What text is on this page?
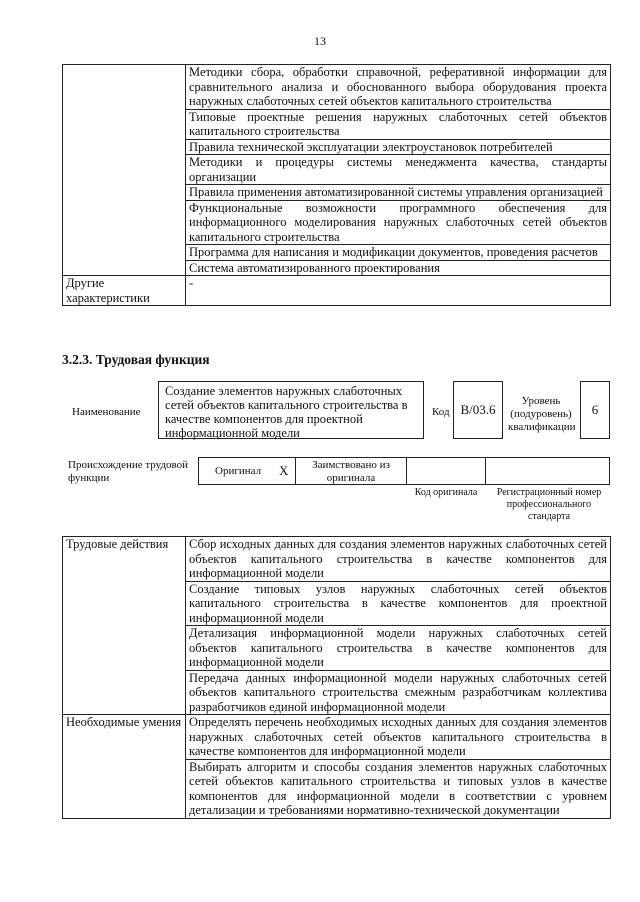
13
	Методики сбора, обработки справочной, реферативной информации для сравнительного анализа и обоснованного выбора оборудования проекта наружных слаботочных сетей объектов капитального строительства
	Типовые проектные решения наружных слаботочных сетей объектов капитального строительства
	Правила технической эксплуатации электроустановок потребителей
	Методики и процедуры системы менеджмента качества, стандарты организации
	Правила применения автоматизированной системы управления организацией
	Функциональные возможности программного обеспечения для информационного моделирования наружных слаботочных сетей объектов капитального строительства
	Программа для написания и модификации документов, проведения расчетов
	Система автоматизированного проектирования
Другие характеристики	-
3.2.3. Трудовая функция
Наименование
Создание элементов наружных слаботочных сетей объектов капитального строительства в качестве компонентов для проектной информационной модели
Код B/03.6
Уровень (подуровень) квалификации
6
Происхождение трудовой функции
Оригинал X	Заимствовано из оригинала
Код оригинала	Регистрационный номер профессионального стандарта
Трудовые действия	Сбор исходных данных для создания элементов наружных слаботочных сетей объектов капитального строительства в качестве компонентов для информационной модели
	Создание типовых узлов наружных слаботочных сетей объектов капитального строительства в качестве компонентов для проектной информационной модели
	Детализация информационной модели наружных слаботочных сетей объектов капитального строительства в качестве компонентов для информационной модели
	Передача данных информационной модели наружных слаботочных сетей объектов капитального строительства смежным разработчикам коллектива разработчиков единой информационной модели
Необходимые умения	Определять перечень необходимых исходных данных для создания элементов наружных слаботочных сетей объектов капитального строительства в качестве компонентов для информационной модели
	Выбирать алгоритм и способы создания элементов наружных слаботочных сетей объектов капитального строительства и типовых узлов в качестве компонентов для информационной модели в соответствии с уровнем детализации и требованиями нормативно-технической документации
